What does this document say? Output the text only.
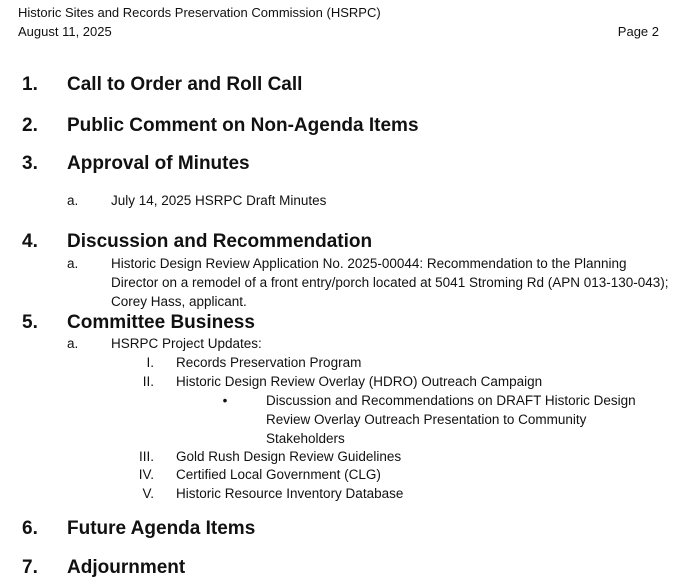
Historic Sites and Records Preservation Commission (HSRPC)
August 11, 2025	Page 2
1. Call to Order and Roll Call
2. Public Comment on Non-Agenda Items
3. Approval of Minutes
a. July 14, 2025 HSRPC Draft Minutes
4. Discussion and Recommendation
a. Historic Design Review Application No. 2025-00044: Recommendation to the Planning Director on a remodel of a front entry/porch located at 5041 Stroming Rd (APN 013-130-043); Corey Hass, applicant.
5. Committee Business
a. HSRPC Project Updates:
I. Records Preservation Program
II. Historic Design Review Overlay (HDRO) Outreach Campaign
•	Discussion and Recommendations on DRAFT Historic Design Review Overlay Outreach Presentation to Community Stakeholders
III. Gold Rush Design Review Guidelines
IV. Certified Local Government (CLG)
V. Historic Resource Inventory Database
6. Future Agenda Items
7. Adjournment
